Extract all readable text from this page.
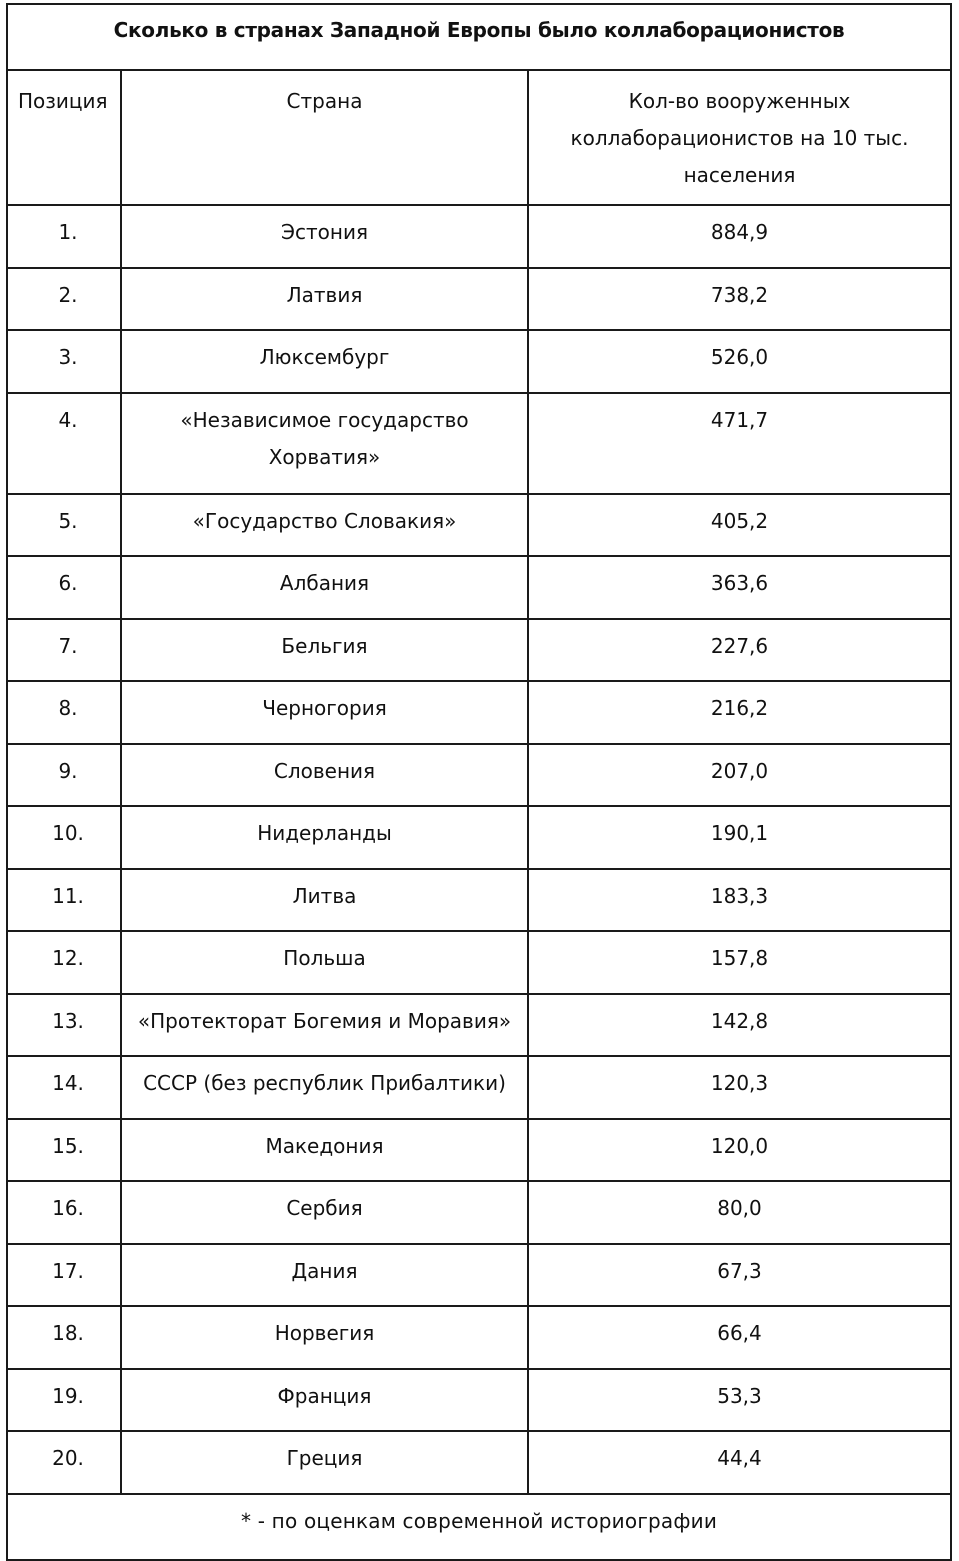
Сколько в странах Западной Европы было коллаборационистов		
Позиция	Страна	Кол-во вооруженных коллаборационистов на 10 тыс. населения
1.	Эстония	884,9
2.	Латвия	738,2
3.	Люксембург	526,0
4.	«Независимое государство Хорватия»	471,7
5.	«Государство Словакия»	405,2
6.	Албания	363,6
7.	Бельгия	227,6
8.	Черногория	216,2
9.	Словения	207,0
10.	Нидерланды	190,1
11.	Литва	183,3
12.	Польша	157,8
13.	«Протекторат Богемия и Моравия»	142,8
14.	СССР (без республик Прибалтики)	120,3
15.	Македония	120,0
16.	Сербия	80,0
17.	Дания	67,3
18.	Норвегия	66,4
19.	Франция	53,3
20.	Греция	44,4
* - по оценкам современной историографии		
